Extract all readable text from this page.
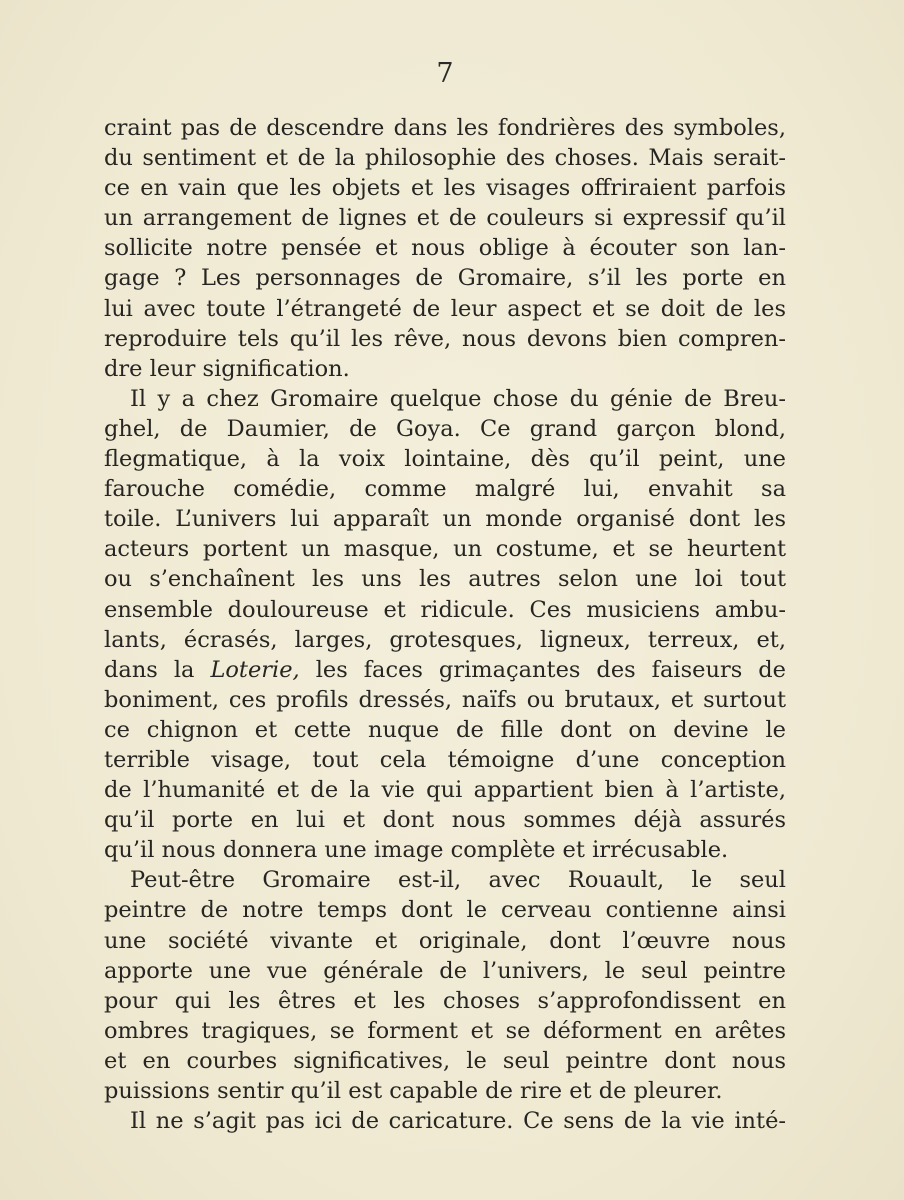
7
craint pas de descendre dans les fondrières des symboles,
du sentiment et de la philosophie des choses. Mais serait-
ce en vain que les objets et les visages offriraient parfois
un arrangement de lignes et de couleurs si expressif qu’il
sollicite notre pensée et nous oblige à écouter son lan-
gage ? Les personnages de Gromaire, s’il les porte en
lui avec toute l’étrangeté de leur aspect et se doit de les
reproduire tels qu’il les rêve, nous devons bien compren-
dre leur signification.
Il y a chez Gromaire quelque chose du génie de Breu-
ghel, de Daumier, de Goya. Ce grand garçon blond,
flegmatique, à la voix lointaine, dès qu’il peint, une
farouche comédie, comme malgré lui, envahit sa
toile. L’univers lui apparaît un monde organisé dont les
acteurs portent un masque, un costume, et se heurtent
ou s’enchaînent les uns les autres selon une loi tout
ensemble douloureuse et ridicule. Ces musiciens ambu-
lants, écrasés, larges, grotesques, ligneux, terreux, et,
dans la Loterie, les faces grimaçantes des faiseurs de
boniment, ces profils dressés, naïfs ou brutaux, et surtout
ce chignon et cette nuque de fille dont on devine le
terrible visage, tout cela témoigne d’une conception
de l’humanité et de la vie qui appartient bien à l’artiste,
qu’il porte en lui et dont nous sommes déjà assurés
qu’il nous donnera une image complète et irrécusable.
Peut-être Gromaire est-il, avec Rouault, le seul
peintre de notre temps dont le cerveau contienne ainsi
une société vivante et originale, dont l’œuvre nous
apporte une vue générale de l’univers, le seul peintre
pour qui les êtres et les choses s’approfondissent en
ombres tragiques, se forment et se déforment en arêtes
et en courbes significatives, le seul peintre dont nous
puissions sentir qu’il est capable de rire et de pleurer.
Il ne s’agit pas ici de caricature. Ce sens de la vie inté-
